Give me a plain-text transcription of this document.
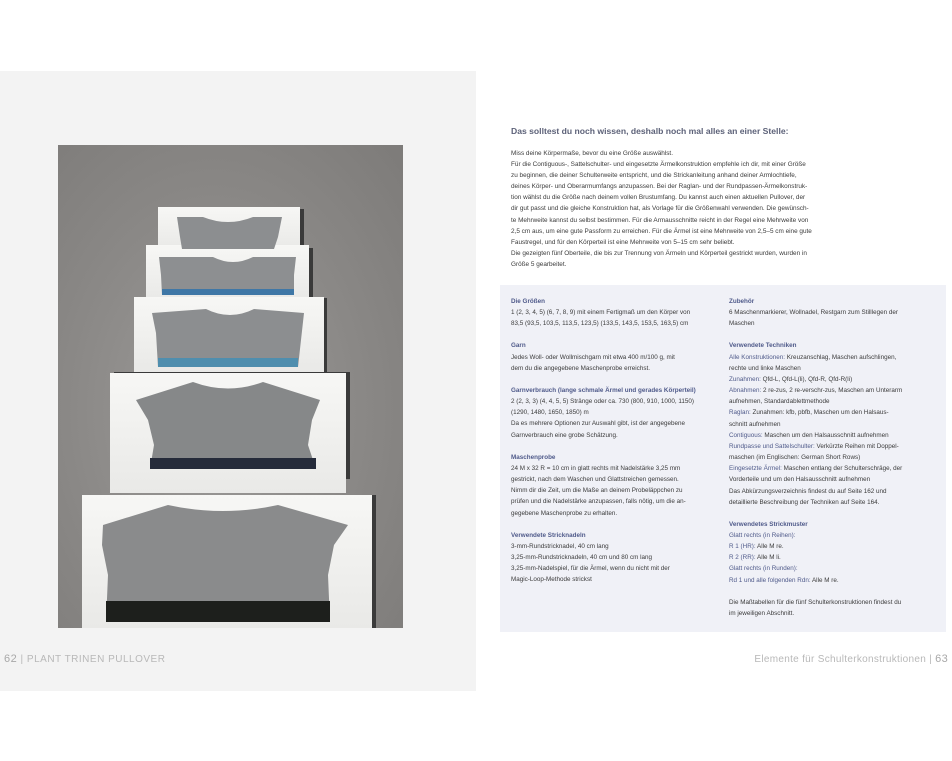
62 | PLANT TRINEN PULLOVER
Das solltest du noch wissen, deshalb noch mal alles an einer Stelle:

Miss deine Körpermaße, bevor du eine Größe auswählst.

Für die Contiguous-, Sattelschulter- und eingesetzte Ärmelkonstruktion empfehle ich dir, mit einer Größe
zu beginnen, die deiner Schulterweite entspricht, und die Strickanleitung anhand deiner Armlochtiefe,
deines Körper- und Oberarmumfangs anzupassen. Bei der Raglan- und der Rundpassen-Ärmelkonstruk-
tion wählst du die Größe nach deinem vollen Brustumfang. Du kannst auch einen aktuellen Pullover, der
dir gut passt und die gleiche Konstruktion hat, als Vorlage für die Größenwahl verwenden. Die gewünsch-
te Mehrweite kannst du selbst bestimmen. Für die Armausschnitte reicht in der Regel eine Mehrweite von
2,5 cm aus, um eine gute Passform zu erreichen. Für die Ärmel ist eine Mehrweite von 2,5–5 cm eine gute
Faustregel, und für den Körperteil ist eine Mehrweite von 5–15 cm sehr beliebt.

Die gezeigten fünf Oberteile, die bis zur Trennung von Ärmeln und Körperteil gestrickt wurden, wurden in
Größe 5 gearbeitet.

Die Größen
1 (2, 3, 4, 5) (6, 7, 8, 9) mit einem Fertigmaß um den Körper von
83,5 (93,5, 103,5, 113,5, 123,5) (133,5, 143,5, 153,5, 163,5) cm
Garn
Jedes Woll- oder Wollmischgarn mit etwa 400 m/100 g, mit
dem du die angegebene Maschenprobe erreichst.
Garnverbrauch (lange schmale Ärmel und gerades Körperteil)
2 (2, 3, 3) (4, 4, 5, 5) Stränge oder ca. 730 (800, 910, 1000, 1150)
(1290, 1480, 1650, 1850) m
Da es mehrere Optionen zur Auswahl gibt, ist der angegebene
Garnverbrauch eine grobe Schätzung.
Maschenprobe
24 M x 32 R = 10 cm in glatt rechts mit Nadelstärke 3,25 mm
gestrickt, nach dem Waschen und Glattstreichen gemessen.
Nimm dir die Zeit, um die Maße an deinem Probeläppchen zu
prüfen und die Nadelstärke anzupassen, falls nötig, um die an-
gegebene Maschenprobe zu erhalten.
Verwendete Stricknadeln
3-mm-Rundstricknadel, 40 cm lang
3,25-mm-Rundstricknadeln, 40 cm und 80 cm lang
3,25-mm-Nadelspiel, für die Ärmel, wenn du nicht mit der
Magic-Loop-Methode strickst
Zubehör
6 Maschenmarkierer, Wollnadel, Restgarn zum Stilllegen der
Maschen
Verwendete Techniken
Alle Konstruktionen: Kreuzanschlag, Maschen aufschlingen,
rechte und linke Maschen
Zunahmen: Qfd-L, Qfd-L(li), Qfd-R, Qfd-R(li)
Abnahmen: 2 re-zus, 2 re-verschr-zus, Maschen am Unterarm
aufnehmen, Standardablettmethode
Raglan: Zunahmen: kfb, pbfb, Maschen um den Halsaus-
schnitt aufnehmen
Contiguous: Maschen um den Halsausschnitt aufnehmen
Rundpasse und Sattelschulter: Verkürzte Reihen mit Doppel-
maschen (im Englischen: German Short Rows)
Eingesetzte Ärmel: Maschen entlang der Schulterschräge, der
Vorderteile und um den Halsausschnitt aufnehmen
Das Abkürzungsverzeichnis findest du auf Seite 162 und
detaillierte Beschreibung der Techniken auf Seite 164.
Verwendetes Strickmuster
Glatt rechts (in Reihen):
R 1 (HR): Alle M re.
R 2 (RR): Alle M li.
Glatt rechts (in Runden):
Rd 1 und alle folgenden Rdn: Alle M re.
Die Maßtabellen für die fünf Schulterkonstruktionen findest du
im jeweiligen Abschnitt.
Elemente für Schulterkonstruktionen | 63
